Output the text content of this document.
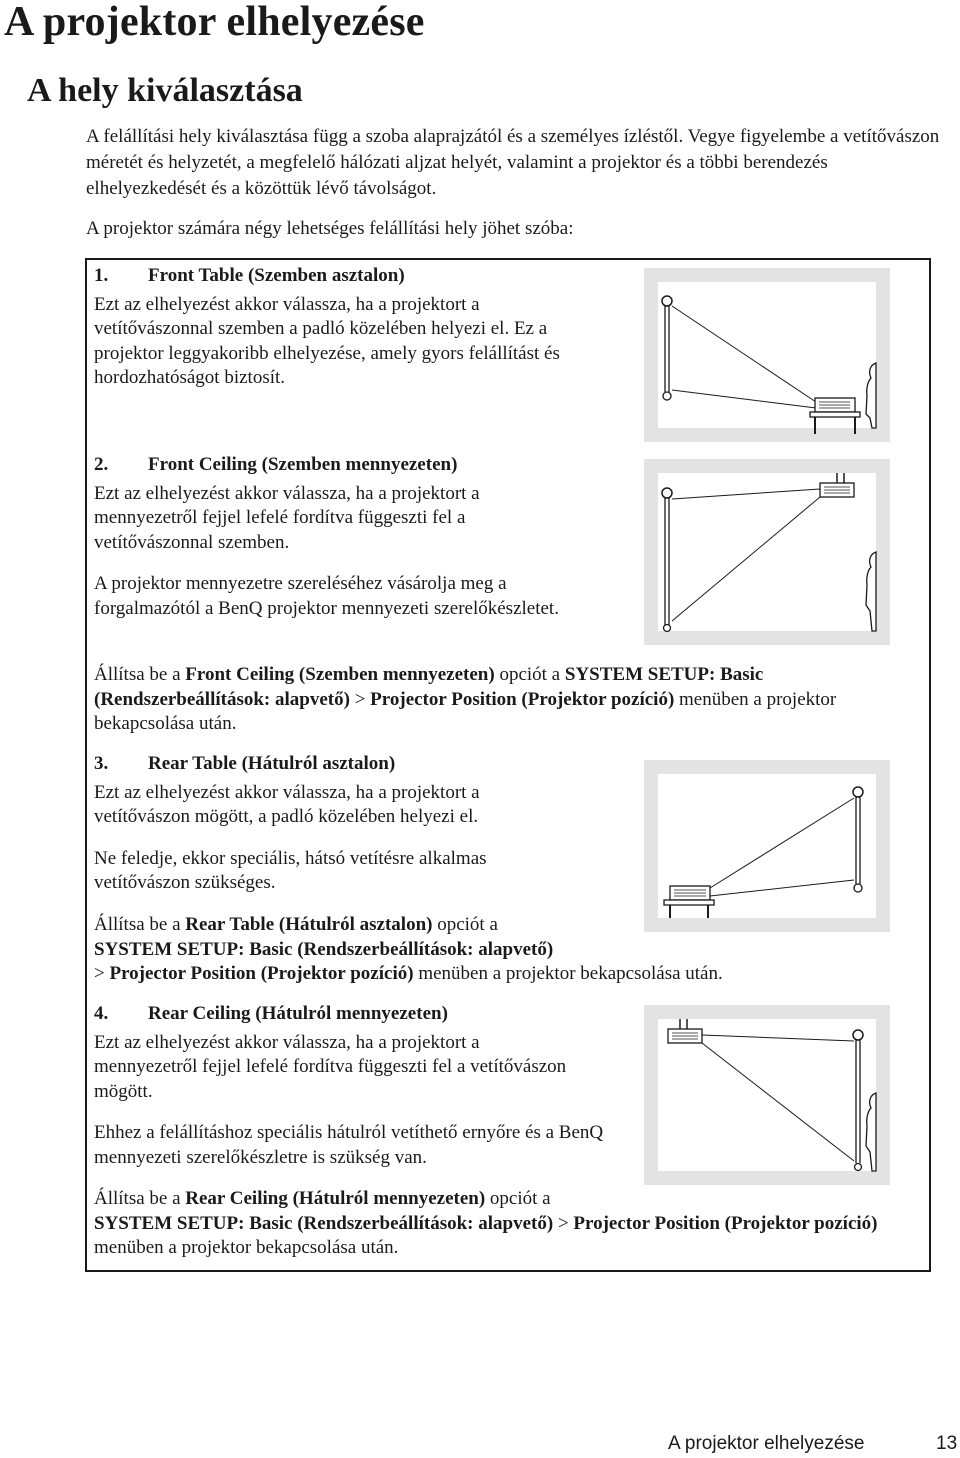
A projektor elhelyezése
A hely kiválasztása

A felállítási hely kiválasztása függ a szoba alaprajzától és a személyes ízléstől. Vegye figyelembe a vetítővászon méretét és helyzetét, a megfelelő hálózati aljzat helyét, valamint a projektor és a többi berendezés elhelyezkedését és a közöttük lévő távolságot.

A projektor számára négy lehetséges felállítási hely jöhet szóba:

1. Front Table (Szemben asztalon)

Ezt az elhelyezést akkor válassza, ha a projektort a vetítővászonnal szemben a padló közelében helyezi el. Ez a projektor leggyakoribb elhelyezése, amely gyors felállítást és hordozhatóságot biztosít.

2. Front Ceiling (Szemben mennyezeten)

Ezt az elhelyezést akkor válassza, ha a projektort a mennyezetről fejjel lefelé fordítva függeszti fel a vetítővászonnal szemben.

A projektor mennyezetre szereléséhez vásárolja meg a forgalmazótól a BenQ projektor mennyezeti szerelőkészletet.

Állítsa be a Front Ceiling (Szemben mennyezeten) opciót a SYSTEM SETUP: Basic (Rendszerbeállítások: alapvető) > Projector Position (Projektor pozíció) menüben a projektor bekapcsolása után.

3. Rear Table (Hátulról asztalon)

Ezt az elhelyezést akkor válassza, ha a projektort a vetítővászon mögött, a padló közelében helyezi el.

Ne feledje, ekkor speciális, hátsó vetítésre alkalmas vetítővászon szükséges.

Állítsa be a Rear Table (Hátulról asztalon) opciót a
SYSTEM SETUP: Basic (Rendszerbeállítások: alapvető)
> Projector Position (Projektor pozíció) menüben a projektor bekapcsolása után.

4. Rear Ceiling (Hátulról mennyezeten)

Ezt az elhelyezést akkor válassza, ha a projektort a mennyezetről fejjel lefelé fordítva függeszti fel a vetítővászon mögött.

Ehhez a felállításhoz speciális hátulról vetíthető ernyőre és a BenQ mennyezeti szerelőkészletre is szükség van.

Állítsa be a Rear Ceiling (Hátulról mennyezeten) opciót a
SYSTEM SETUP: Basic (Rendszerbeállítások: alapvető) > Projector Position (Projektor pozíció) menüben a projektor bekapcsolása után.

A projektor elhelyezése	13
